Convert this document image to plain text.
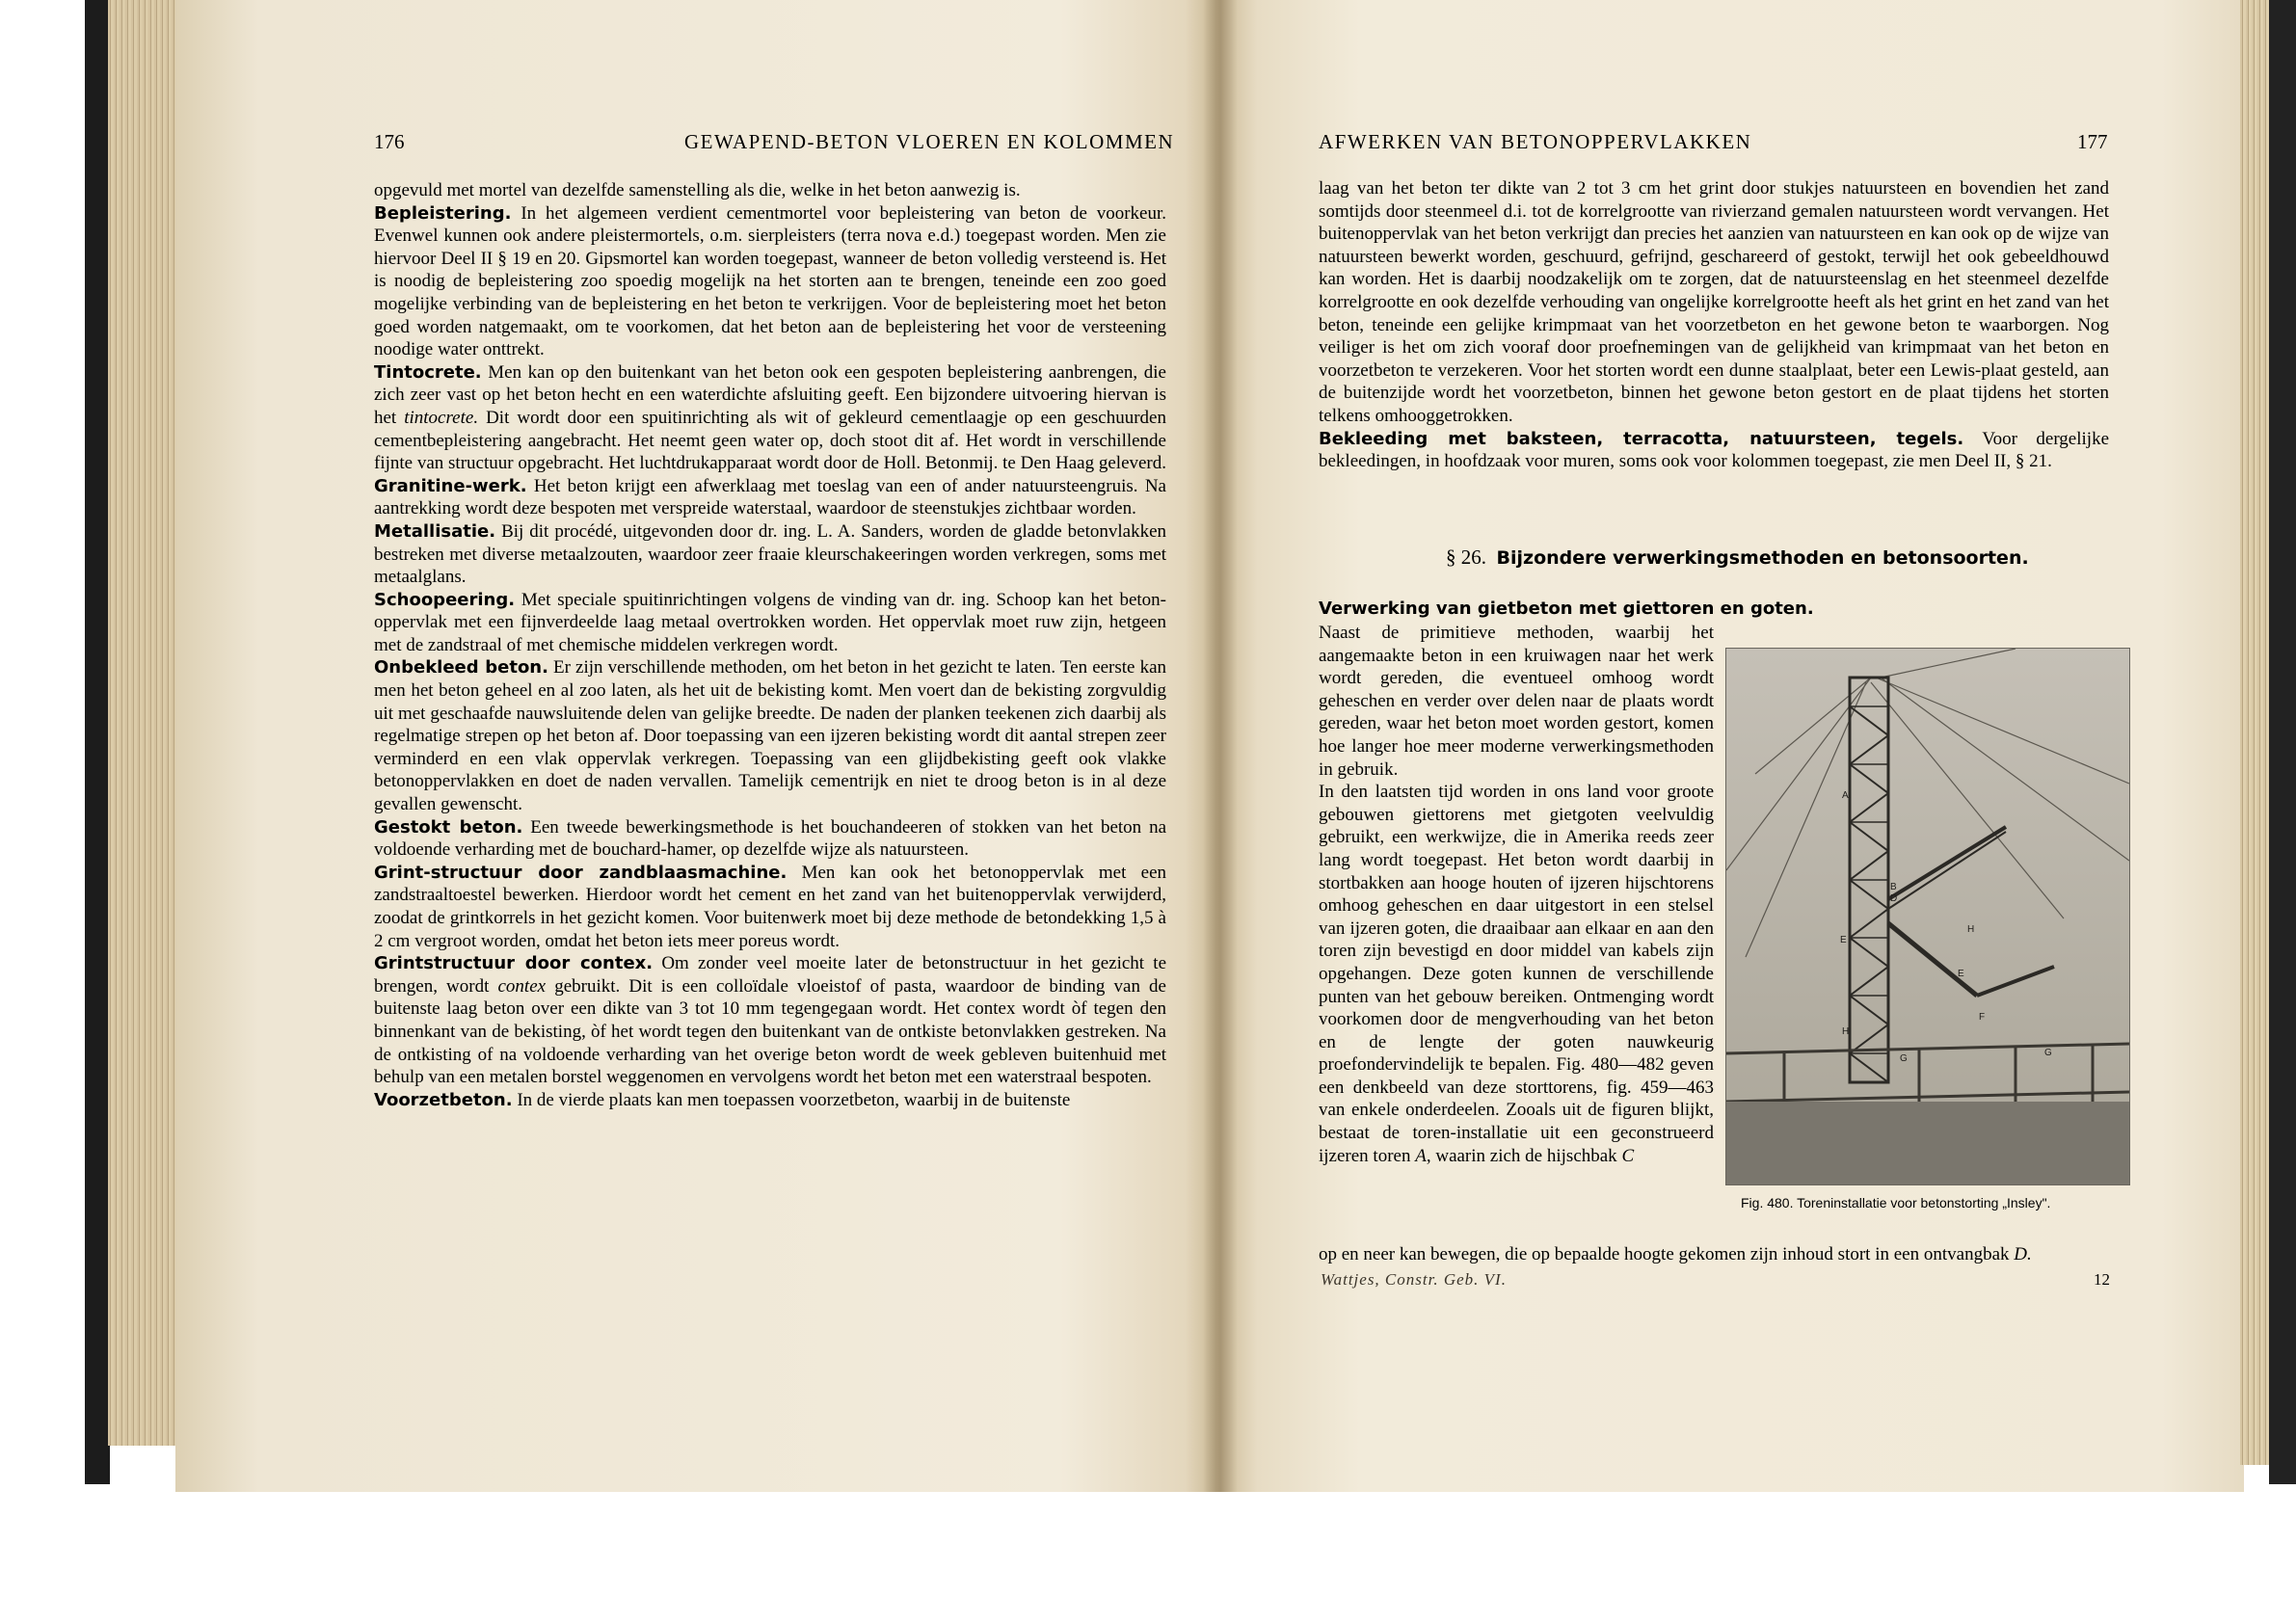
176	GEWAPEND-BETON VLOEREN EN KOLOMMEN

opgevuld met mortel van dezelfde samenstelling als die, welke in het beton aanwezig is.

Bepleistering. In het algemeen verdient cementmortel voor bepleistering van beton de voorkeur. Evenwel kunnen ook andere pleistermortels, o.m. sierpleisters (terra nova e.d.) toegepast worden. Men zie hiervoor Deel II § 19 en 20. Gipsmortel kan worden toegepast, wanneer de beton volledig versteend is. Het is noodig de bepleistering zoo spoedig mogelijk na het storten aan te brengen, teneinde een zoo goed mogelijke verbinding van de bepleistering en het beton te verkrijgen. Voor de bepleistering moet het beton goed worden natgemaakt, om te voorkomen, dat het beton aan de bepleistering het voor de versteening noodige water onttrekt.

Tintocrete. Men kan op den buitenkant van het beton ook een gespoten bepleistering aanbrengen, die zich zeer vast op het beton hecht en een waterdichte afsluiting geeft. Een bijzondere uitvoering hiervan is het tintocrete. Dit wordt door een spuitinrichting als wit of gekleurd cementlaagje op een geschuurden cementbepleistering aangebracht. Het neemt geen water op, doch stoot dit af. Het wordt in verschillende fijnte van structuur opgebracht. Het luchtdrukapparaat wordt door de Holl. Betonmij. te Den Haag geleverd.

Granitine-werk. Het beton krijgt een afwerklaag met toeslag van een of ander natuursteengruis. Na aantrekking wordt deze bespoten met verspreide waterstaal, waardoor de steenstukjes zichtbaar worden.

Metallisatie. Bij dit procédé, uitgevonden door dr. ing. L. A. Sanders, worden de gladde betonvlakken bestreken met diverse metaalzouten, waardoor zeer fraaie kleurschakeeringen worden verkregen, soms met metaalglans.

Schoopeering. Met speciale spuitinrichtingen volgens de vinding van dr. ing. Schoop kan het beton-oppervlak met een fijnverdeelde laag metaal overtrokken worden. Het oppervlak moet ruw zijn, hetgeen met de zandstraal of met chemische middelen verkregen wordt.

Onbekleed beton. Er zijn verschillende methoden, om het beton in het gezicht te laten. Ten eerste kan men het beton geheel en al zoo laten, als het uit de bekisting komt. Men voert dan de bekisting zorgvuldig uit met geschaafde nauwsluitende delen van gelijke breedte. De naden der planken teekenen zich daarbij als regelmatige strepen op het beton af. Door toepassing van een ijzeren bekisting wordt dit aantal strepen zeer verminderd en een vlak oppervlak verkregen. Toepassing van een glijdbekisting geeft ook vlakke betonoppervlakken en doet de naden vervallen. Tamelijk cementrijk en niet te droog beton is in al deze gevallen gewenscht.

Gestokt beton. Een tweede bewerkingsmethode is het bouchandeeren of stokken van het beton na voldoende verharding met de bouchard-hamer, op dezelfde wijze als natuursteen.

Grint-structuur door zandblaasmachine. Men kan ook het betonoppervlak met een zandstraaltoestel bewerken. Hierdoor wordt het cement en het zand van het buitenoppervlak verwijderd, zoodat de grintkorrels in het gezicht komen. Voor buitenwerk moet bij deze methode de betondekking 1,5 à 2 cm vergroot worden, omdat het beton iets meer poreus wordt.

Grintstructuur door contex. Om zonder veel moeite later de betonstructuur in het gezicht te brengen, wordt contex gebruikt. Dit is een colloïdale vloeistof of pasta, waardoor de binding van de buitenste laag beton over een dikte van 3 tot 10 mm tegengegaan wordt. Het contex wordt òf tegen den binnenkant van de bekisting, òf het wordt tegen den buitenkant van de ontkiste betonvlakken gestreken. Na de ontkisting of na voldoende verharding van het overige beton wordt de week gebleven buitenhuid met behulp van een metalen borstel weggenomen en vervolgens wordt het beton met een waterstraal bespoten.

Voorzetbeton. In de vierde plaats kan men toepassen voorzetbeton, waarbij in de buitenste

AFWERKEN VAN BETONOPPERVLAKKEN	177

laag van het beton ter dikte van 2 tot 3 cm het grint door stukjes natuursteen en bovendien het zand somtijds door steenmeel d.i. tot de korrelgrootte van rivierzand gemalen natuursteen wordt vervangen. Het buitenoppervlak van het beton verkrijgt dan precies het aanzien van natuursteen en kan ook op de wijze van natuursteen bewerkt worden, geschuurd, gefrijnd, geschareerd of gestokt, terwijl het ook gebeeldhouwd kan worden. Het is daarbij noodzakelijk om te zorgen, dat de natuursteenslag en het steenmeel dezelfde korrelgrootte en ook dezelfde verhouding van ongelijke korrelgrootte heeft als het grint en het zand van het beton, teneinde een gelijke krimpmaat van het voorzetbeton en het gewone beton te waarborgen. Nog veiliger is het om zich vooraf door proefnemingen van de gelijkheid van krimpmaat van het beton en voorzetbeton te verzekeren. Voor het storten wordt een dunne staalplaat, beter een Lewis-plaat gesteld, aan de buitenzijde wordt het voorzetbeton, binnen het gewone beton gestort en de plaat tijdens het storten telkens omhooggetrokken.

Bekleeding met baksteen, terracotta, natuursteen, tegels. Voor dergelijke bekleedingen, in hoofdzaak voor muren, soms ook voor kolommen toegepast, zie men Deel II, § 21.

§ 26. Bijzondere verwerkingsmethoden en betonsoorten.

Verwerking van gietbeton met giettoren en goten.

Naast de primitieve methoden, waarbij het aangemaakte beton in een kruiwagen naar het werk wordt gereden, die eventueel omhoog wordt geheschen en verder over delen naar de plaats wordt gereden, waar het beton moet worden gestort, komen hoe langer hoe meer moderne verwerkingsmethoden in gebruik.

In den laatsten tijd worden in ons land voor groote gebouwen giettorens met gietgoten veelvuldig gebruikt, een werkwijze, die in Amerika reeds zeer lang wordt toegepast. Het beton wordt daarbij in stortbakken aan hooge houten of ijzeren hijschtorens omhoog geheschen en daar uitgestort in een stelsel van ijzeren goten, die draaibaar aan elkaar en aan den toren zijn bevestigd en door middel van kabels zijn opgehangen. Deze goten kunnen de verschillende punten van het gebouw bereiken. Ontmenging wordt voorkomen door de mengverhouding van het beton en de lengte der goten nauwkeurig proefondervindelijk te bepalen. Fig. 480—482 geven een denkbeeld van deze storttorens, fig. 459—463 van enkele onderdeelen. Zooals uit de figuren blijkt, bestaat de toren-installatie uit een geconstrueerd ijzeren toren A, waarin zich de hijschbak C

op en neer kan bewegen, die op bepaalde hoogte gekomen zijn inhoud stort in een ontvangbak D.

A
B
D
E
H
H
E
F
G
G
Fig. 480. Toreninstallatie voor betonstorting „Insley".
Wattjes, Constr. Geb. VI.	12
